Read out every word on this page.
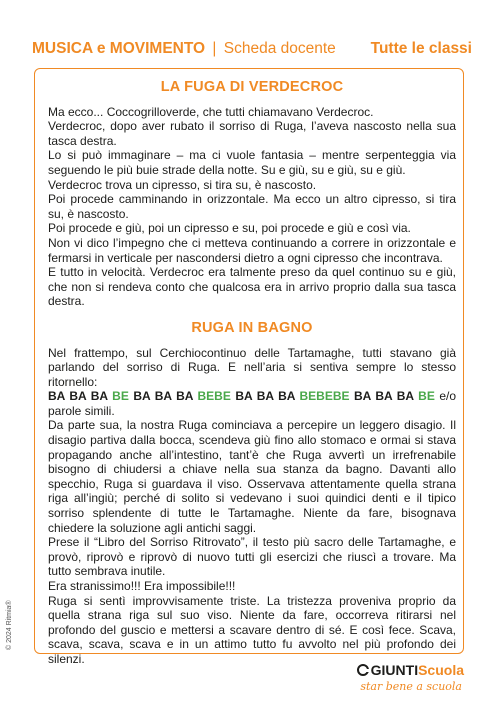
MUSICA e MOVIMENTO | Scheda docente Tutte le classi
LA FUGA DI VERDECROC

Ma ecco... Coccogrilloverde, che tutti chiamavano Verdecroc.

Verdecroc, dopo aver rubato il sorriso di Ruga, l’aveva nascosto nella sua tasca destra.

Lo si può immaginare – ma ci vuole fantasia – mentre serpenteggia via seguendo le più buie strade della notte. Su e giù, su e giù, su e giù.

Verdecroc trova un cipresso, si tira su, è nascosto.

Poi procede camminando in orizzontale. Ma ecco un altro cipresso, si tira su, è nascosto.

Poi procede e giù, poi un cipresso e su, poi procede e giù e così via.

Non vi dico l’impegno che ci metteva continuando a correre in orizzontale e fermarsi in verticale per nascondersi dietro a ogni cipresso che incontrava.

E tutto in velocità. Verdecroc era talmente preso da quel continuo su e giù, che non si rendeva conto che qualcosa era in arrivo proprio dalla sua tasca destra.

RUGA IN BAGNO

Nel frattempo, sul Cerchiocontinuo delle Tartamaghe, tutti stavano già parlando del sorriso di Ruga. E nell’aria si sentiva sempre lo stesso ritornello:

BA BA BA BE BA BA BA BEBE BA BA BA BEBEBE BA BA BA BE e/o parole simili.

Da parte sua, la nostra Ruga cominciava a percepire un leggero disagio. Il disagio partiva dalla bocca, scendeva giù fino allo stomaco e ormai si stava propagando anche all’intestino, tant’è che Ruga avvertì un irrefrenabile bisogno di chiudersi a chiave nella sua stanza da bagno. Davanti allo specchio, Ruga si guardava il viso. Osservava attentamente quella strana riga all’ingiù; perché di solito si vedevano i suoi quindici denti e il tipico sorriso splendente di tutte le Tartamaghe. Niente da fare, bisognava chiedere la soluzione agli antichi saggi.

Prese il “Libro del Sorriso Ritrovato”, il testo più sacro delle Tartamaghe, e provò, riprovò e riprovò di nuovo tutti gli esercizi che riuscì a trovare. Ma tutto sembrava inutile.

Era stranissimo!!! Era impossibile!!!

Ruga si sentì improvvisamente triste. La tristezza proveniva proprio da quella strana riga sul suo viso. Niente da fare, occorreva ritirarsi nel profondo del guscio e mettersi a scavare dentro di sé. E così fece. Scava, scava, scava, scava e in un attimo tutto fu avvolto nel più profondo dei silenzi.

© 2024 Ritmia®
GIUNTIScuola
star bene a scuola
